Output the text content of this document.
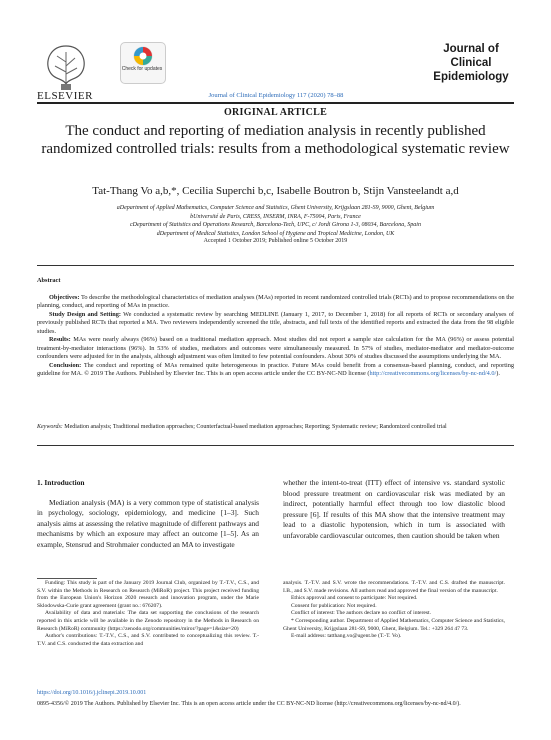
ELSEVIER
Check for updates
Journal of Clinical Epidemiology 117 (2020) 78–88
Journal of
Clinical
Epidemiology
ORIGINAL ARTICLE
The conduct and reporting of mediation analysis in recently published randomized controlled trials: results from a methodological systematic review
Tat-Thang Vo a,b,*, Cecilia Superchi b,c, Isabelle Boutron b, Stijn Vansteelandt a,d
aDepartment of Applied Mathematics, Computer Science and Statistics, Ghent University, Krijgslaan 281-S9, 9000, Ghent, Belgium
bUniversité de Paris, CRESS, INSERM, INRA, F-75004, Paris, France
cDepartment of Statistics and Operations Research, Barcelona-Tech, UPC, c/ Jordi Girona 1-3, 08034, Barcelona, Spain
dDepartment of Medical Statistics, London School of Hygiene and Tropical Medicine, London, UK
Accepted 1 October 2019; Published online 5 October 2019

Abstract

Objectives: To describe the methodological characteristics of mediation analyses (MAs) reported in recent randomized controlled trials (RCTs) and to propose recommendations on the planning, conduct, and reporting of MAs in practice.

Study Design and Setting: We conducted a systematic review by searching MEDLINE (January 1, 2017, to December 1, 2018) for all reports of RCTs or secondary analyses of previously published RCTs that reported a MA. Two reviewers independently screened the title, abstracts, and full texts of the identified reports and extracted the data from the 98 eligible studies.

Results: MAs were nearly always (96%) based on a traditional mediation approach. Most studies did not report a sample size calculation for the MA (96%) or assess potential treatment-by-mediator interactions (96%). In 53% of studies, mediators and outcomes were simultaneously measured. In 57% of studies, mediator-mediator and mediator-outcome confounders were adjusted for in the analysis, although adjustment was often limited to few potential confounders. About 30% of studies discussed the assumptions underlying the MA.

Conclusion: The conduct and reporting of MAs remained quite heterogeneous in practice. Future MAs could benefit from a consensus-based planning, conduct, and reporting guideline for MA. © 2019 The Authors. Published by Elsevier Inc. This is an open access article under the CC BY-NC-ND license (http://creativecommons.org/licenses/by-nc-nd/4.0/).

Keywords: Mediation analysis; Traditional mediation approaches; Counterfactual-based mediation approaches; Reporting; Systematic review; Randomized controlled trial

1. Introduction

Mediation analysis (MA) is a very common type of statistical analysis in psychology, sociology, epidemiology, and medicine [1–3]. Such analysis aims at assessing the relative magnitude of different pathways and mechanisms by which an exposure may affect an outcome [1–5]. As an example, Stensrud and Strohmaier conducted an MA to investigate

whether the intent-to-treat (ITT) effect of intensive vs. standard systolic blood pressure treatment on cardiovascular risk was mediated by an indirect, potentially harmful effect through too low diastolic blood pressure [6]. If results of this MA show that the intensive treatment may lead to a diastolic hypotension, which in turn is associated with unfavorable cardiovascular outcomes, then caution should be taken when

Funding: This study is part of the January 2019 Journal Club, organized by T.-T.V., C.S., and S.V. within the Methods in Research on Research (MiRoR) project. This project received funding from the European Union's Horizon 2020 research and innovation program, under the Marie Sklodowska-Curie grant agreement (grant no.: 676207).

Availability of data and materials: The data set supporting the conclusions of the research reported in this article will be available in the Zenodo repository in the Methods in Research on Research (MiRoR) community (https://zenodo.org/communities/miror/?page=1&size=20)

Author's contributions: T.-T.V., C.S., and S.V. contributed to conceptualizing this review. T.-T.V. and C.S. conducted the data extraction and

analysis. T.-T.V. and S.V. wrote the recommendations. T.-T.V. and C.S. drafted the manuscript. I.B., and S.V. made revisions. All authors read and approved the final version of the manuscript.

Ethics approval and consent to participate: Not required.

Consent for publication: Not required.

Conflict of interest: The authors declare no conflict of interest.

* Corresponding author. Department of Applied Mathematics, Computer Science and Statistics, Ghent University, Krijgslaan 281-S9, 9000, Ghent, Belgium. Tel.: +329 264 47 73.

E-mail address: tatthang.vo@ugent.be (T.-T. Vo).

https://doi.org/10.1016/j.jclinepi.2019.10.001
0895-4356/© 2019 The Authors. Published by Elsevier Inc. This is an open access article under the CC BY-NC-ND license (http://creativecommons.org/licenses/by-nc-nd/4.0/).
